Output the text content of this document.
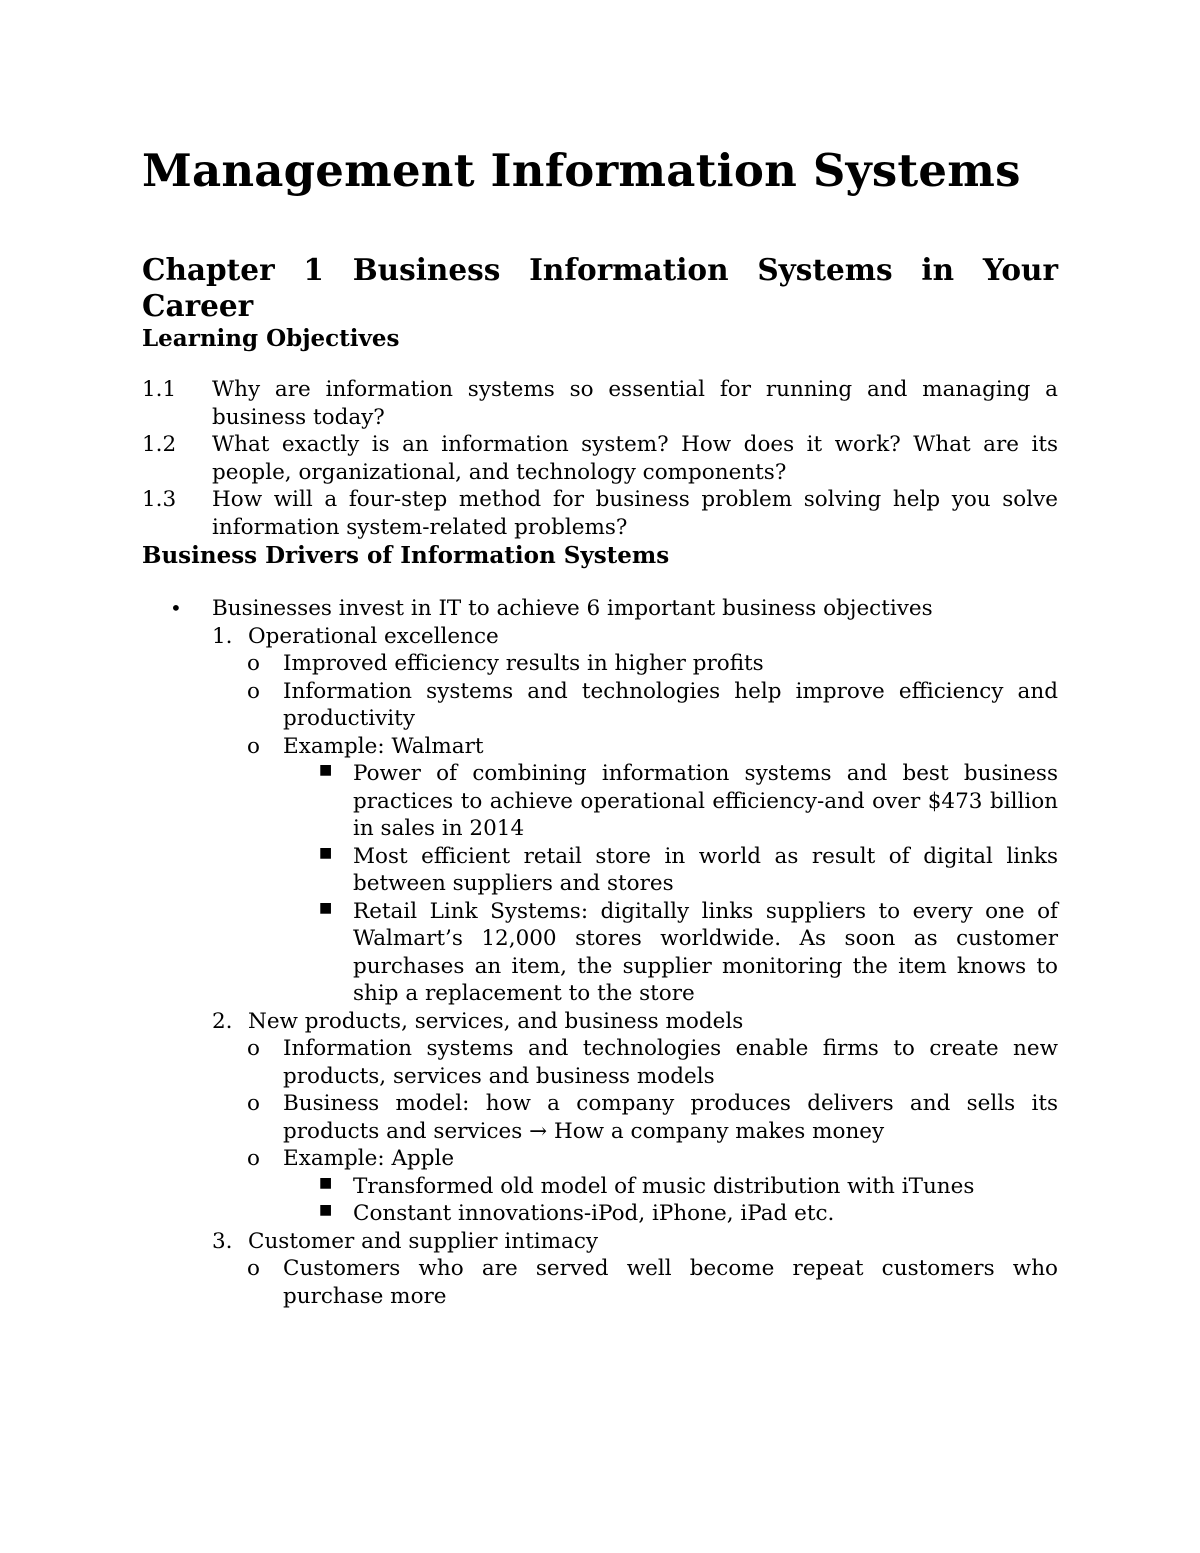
Management Information Systems
Chapter 1 Business Information Systems in Your Career
Learning Objectives
1.1	Why are information systems so essential for running and managing a business today?
1.2	What exactly is an information system? How does it work? What are its people, organizational, and technology components?
1.3	How will a four-step method for business problem solving help you solve information system-related problems?
Business Drivers of Information Systems
•	Businesses invest in IT to achieve 6 important business objectives
1. Operational excellence
o	Improved efficiency results in higher profits
o	Information systems and technologies help improve efficiency and productivity
o	Example: Walmart
■ Power of combining information systems and best business practices to achieve operational efficiency-and over $473 billion in sales in 2014
■ Most efficient retail store in world as result of digital links between suppliers and stores
■ Retail Link Systems: digitally links suppliers to every one of Walmart’s 12,000 stores worldwide. As soon as customer purchases an item, the supplier monitoring the item knows to ship a replacement to the store
2. New products, services, and business models
o	Information systems and technologies enable firms to create new products, services and business models
o	Business model: how a company produces delivers and sells its products and services → How a company makes money
o	Example: Apple
■ Transformed old model of music distribution with iTunes
■ Constant innovations-iPod, iPhone, iPad etc.
3. Customer and supplier intimacy
o	Customers who are served well become repeat customers who purchase more
